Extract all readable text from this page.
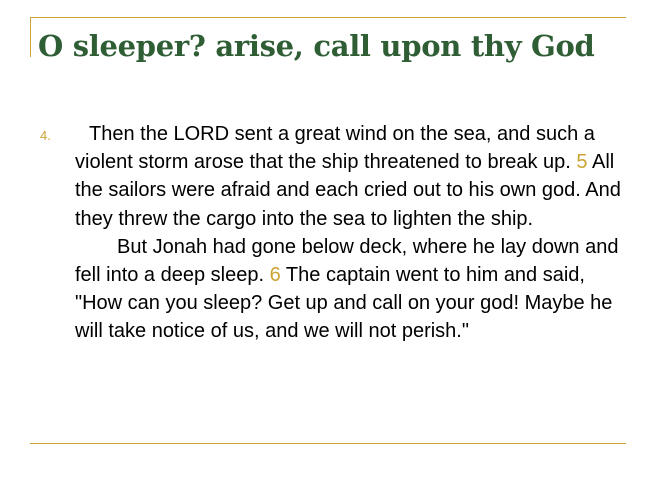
O sleeper? arise, call upon thy God
4.	Then the LORD sent a great wind on the sea, and such a violent storm arose that the ship threatened to break up. 5 All the sailors were afraid and each cried out to his own god. And they threw the cargo into the sea to lighten the ship.

But Jonah had gone below deck, where he lay down and fell into a deep sleep. 6 The captain went to him and said, "How can you sleep? Get up and call on your god! Maybe he will take notice of us, and we will not perish."
